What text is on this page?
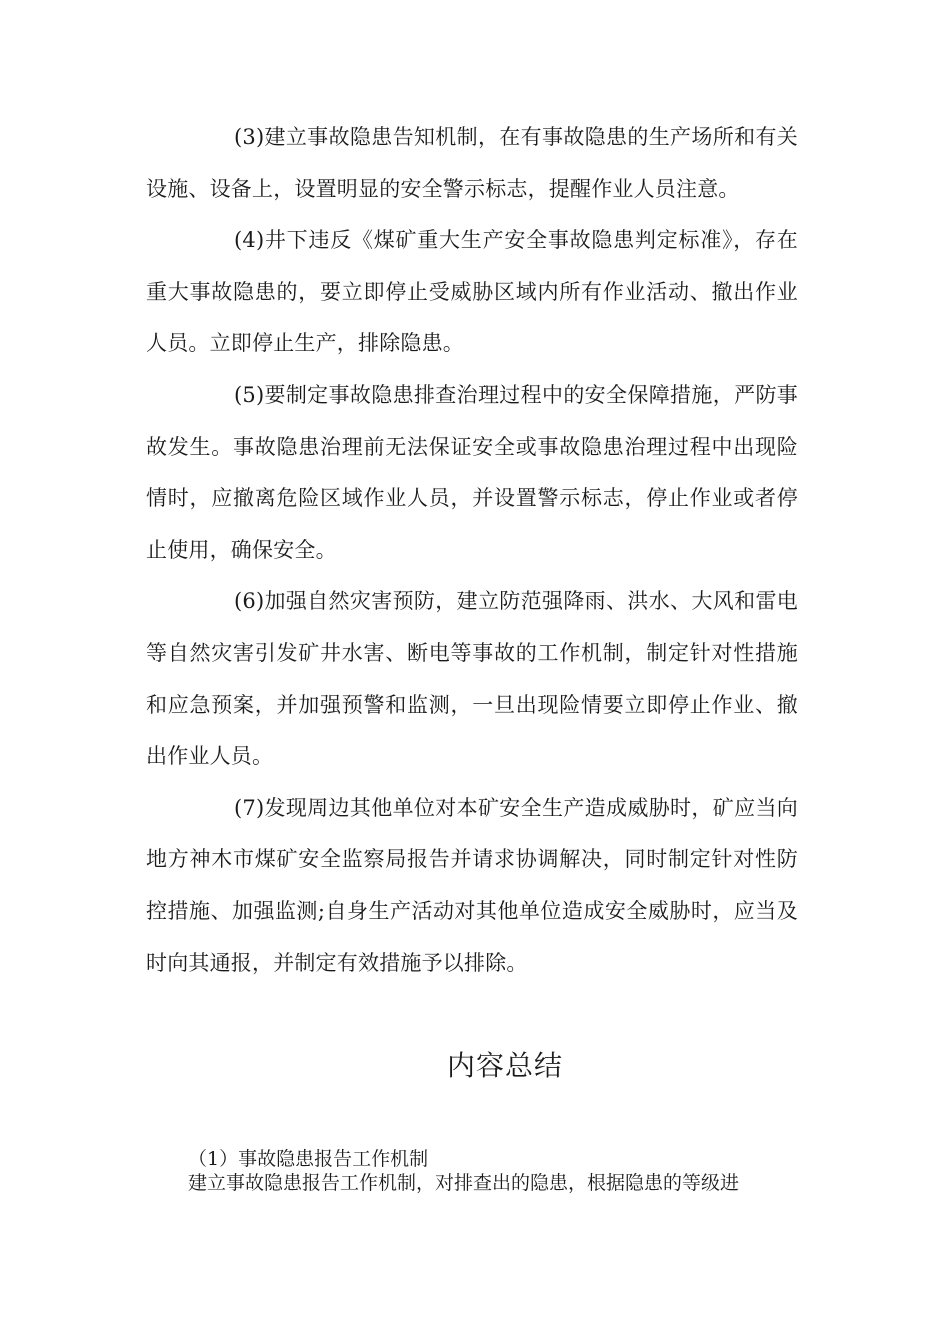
(3)建立事故隐患告知机制，在有事故隐患的生产场所和有关设施、设备上，设置明显的安全警示标志，提醒作业人员注意。

(4)井下违反《煤矿重大生产安全事故隐患判定标准》，存在重大事故隐患的，要立即停止受威胁区域内所有作业活动、撤出作业人员。立即停止生产，排除隐患。

(5)要制定事故隐患排查治理过程中的安全保障措施，严防事故发生。事故隐患治理前无法保证安全或事故隐患治理过程中出现险情时，应撤离危险区域作业人员，并设置警示标志，停止作业或者停止使用，确保安全。

(6)加强自然灾害预防，建立防范强降雨、洪水、大风和雷电等自然灾害引发矿井水害、断电等事故的工作机制，制定针对性措施和应急预案，并加强预警和监测，一旦出现险情要立即停止作业、撤出作业人员。

(7)发现周边其他单位对本矿安全生产造成威胁时，矿应当向地方神木市煤矿安全监察局报告并请求协调解决，同时制定针对性防控措施、加强监测;自身生产活动对其他单位造成安全威胁时，应当及时向其通报，并制定有效措施予以排除。

内容总结
（1）事故隐患报告工作机制
建立事故隐患报告工作机制，对排查出的隐患，根据隐患的等级进
